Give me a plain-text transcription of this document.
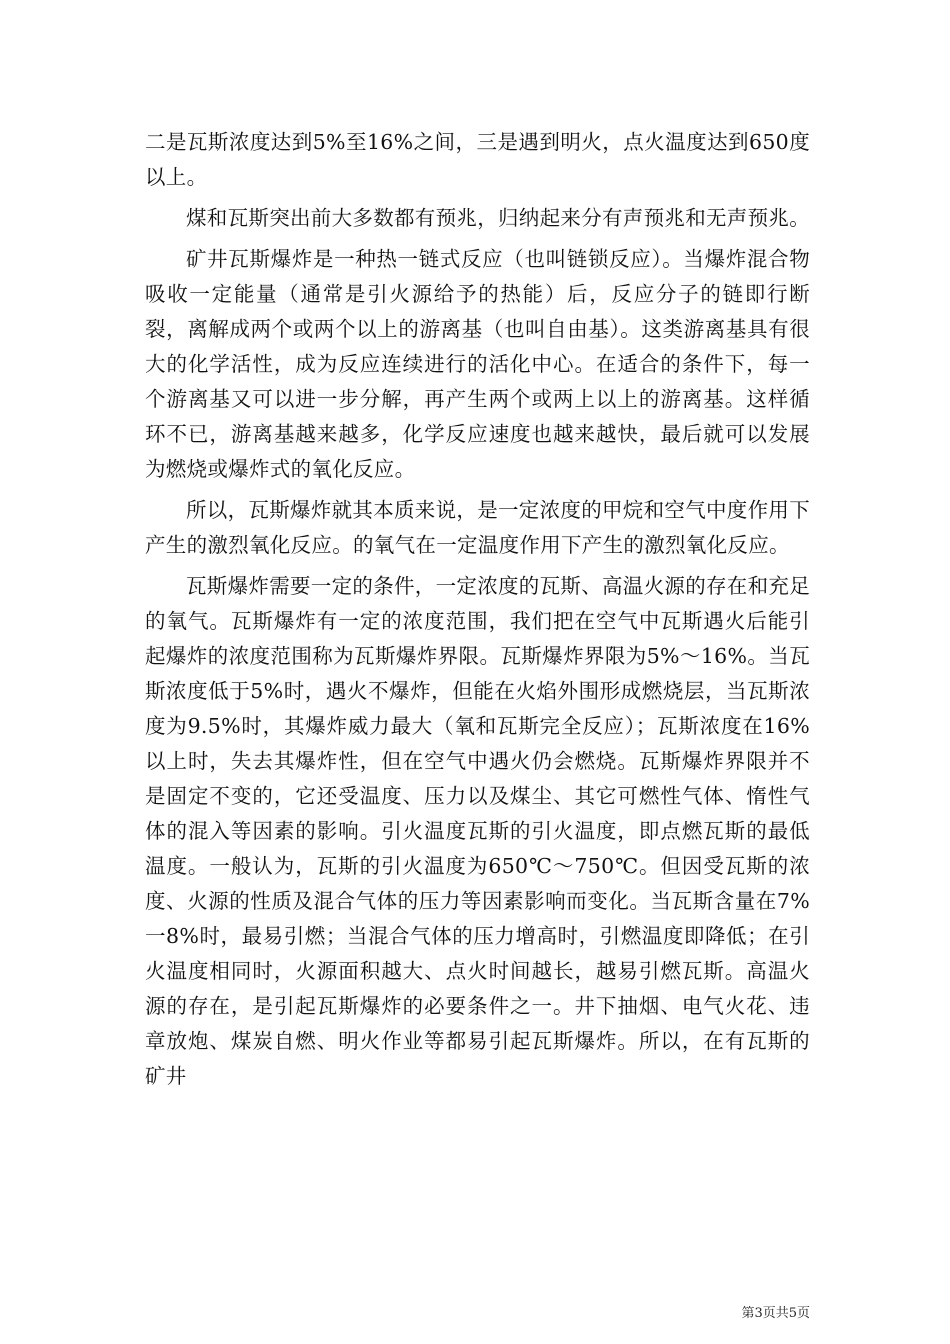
二是瓦斯浓度达到5%至16%之间，三是遇到明火，点火温度达到650度以上。

煤和瓦斯突出前大多数都有预兆，归纳起来分有声预兆和无声预兆。

矿井瓦斯爆炸是一种热一链式反应（也叫链锁反应）。当爆炸混合物吸收一定能量（通常是引火源给予的热能）后，反应分子的链即行断裂，离解成两个或两个以上的游离基（也叫自由基）。这类游离基具有很大的化学活性，成为反应连续进行的活化中心。在适合的条件下，每一个游离基又可以进一步分解，再产生两个或两上以上的游离基。这样循环不已，游离基越来越多，化学反应速度也越来越快，最后就可以发展为燃烧或爆炸式的氧化反应。

所以，瓦斯爆炸就其本质来说，是一定浓度的甲烷和空气中度作用下产生的激烈氧化反应。的氧气在一定温度作用下产生的激烈氧化反应。

瓦斯爆炸需要一定的条件，一定浓度的瓦斯、高温火源的存在和充足的氧气。瓦斯爆炸有一定的浓度范围，我们把在空气中瓦斯遇火后能引起爆炸的浓度范围称为瓦斯爆炸界限。瓦斯爆炸界限为5%～16%。当瓦斯浓度低于5%时，遇火不爆炸，但能在火焰外围形成燃烧层，当瓦斯浓度为9.5%时，其爆炸威力最大（氧和瓦斯完全反应）；瓦斯浓度在16%以上时，失去其爆炸性，但在空气中遇火仍会燃烧。瓦斯爆炸界限并不是固定不变的，它还受温度、压力以及煤尘、其它可燃性气体、惰性气体的混入等因素的影响。引火温度瓦斯的引火温度，即点燃瓦斯的最低温度。一般认为，瓦斯的引火温度为650℃～750℃。但因受瓦斯的浓度、火源的性质及混合气体的压力等因素影响而变化。当瓦斯含量在7%一8%时，最易引燃；当混合气体的压力增高时，引燃温度即降低；在引火温度相同时，火源面积越大、点火时间越长，越易引燃瓦斯。高温火源的存在，是引起瓦斯爆炸的必要条件之一。井下抽烟、电气火花、违章放炮、煤炭自燃、明火作业等都易引起瓦斯爆炸。所以，在有瓦斯的矿井

第3页共5页
